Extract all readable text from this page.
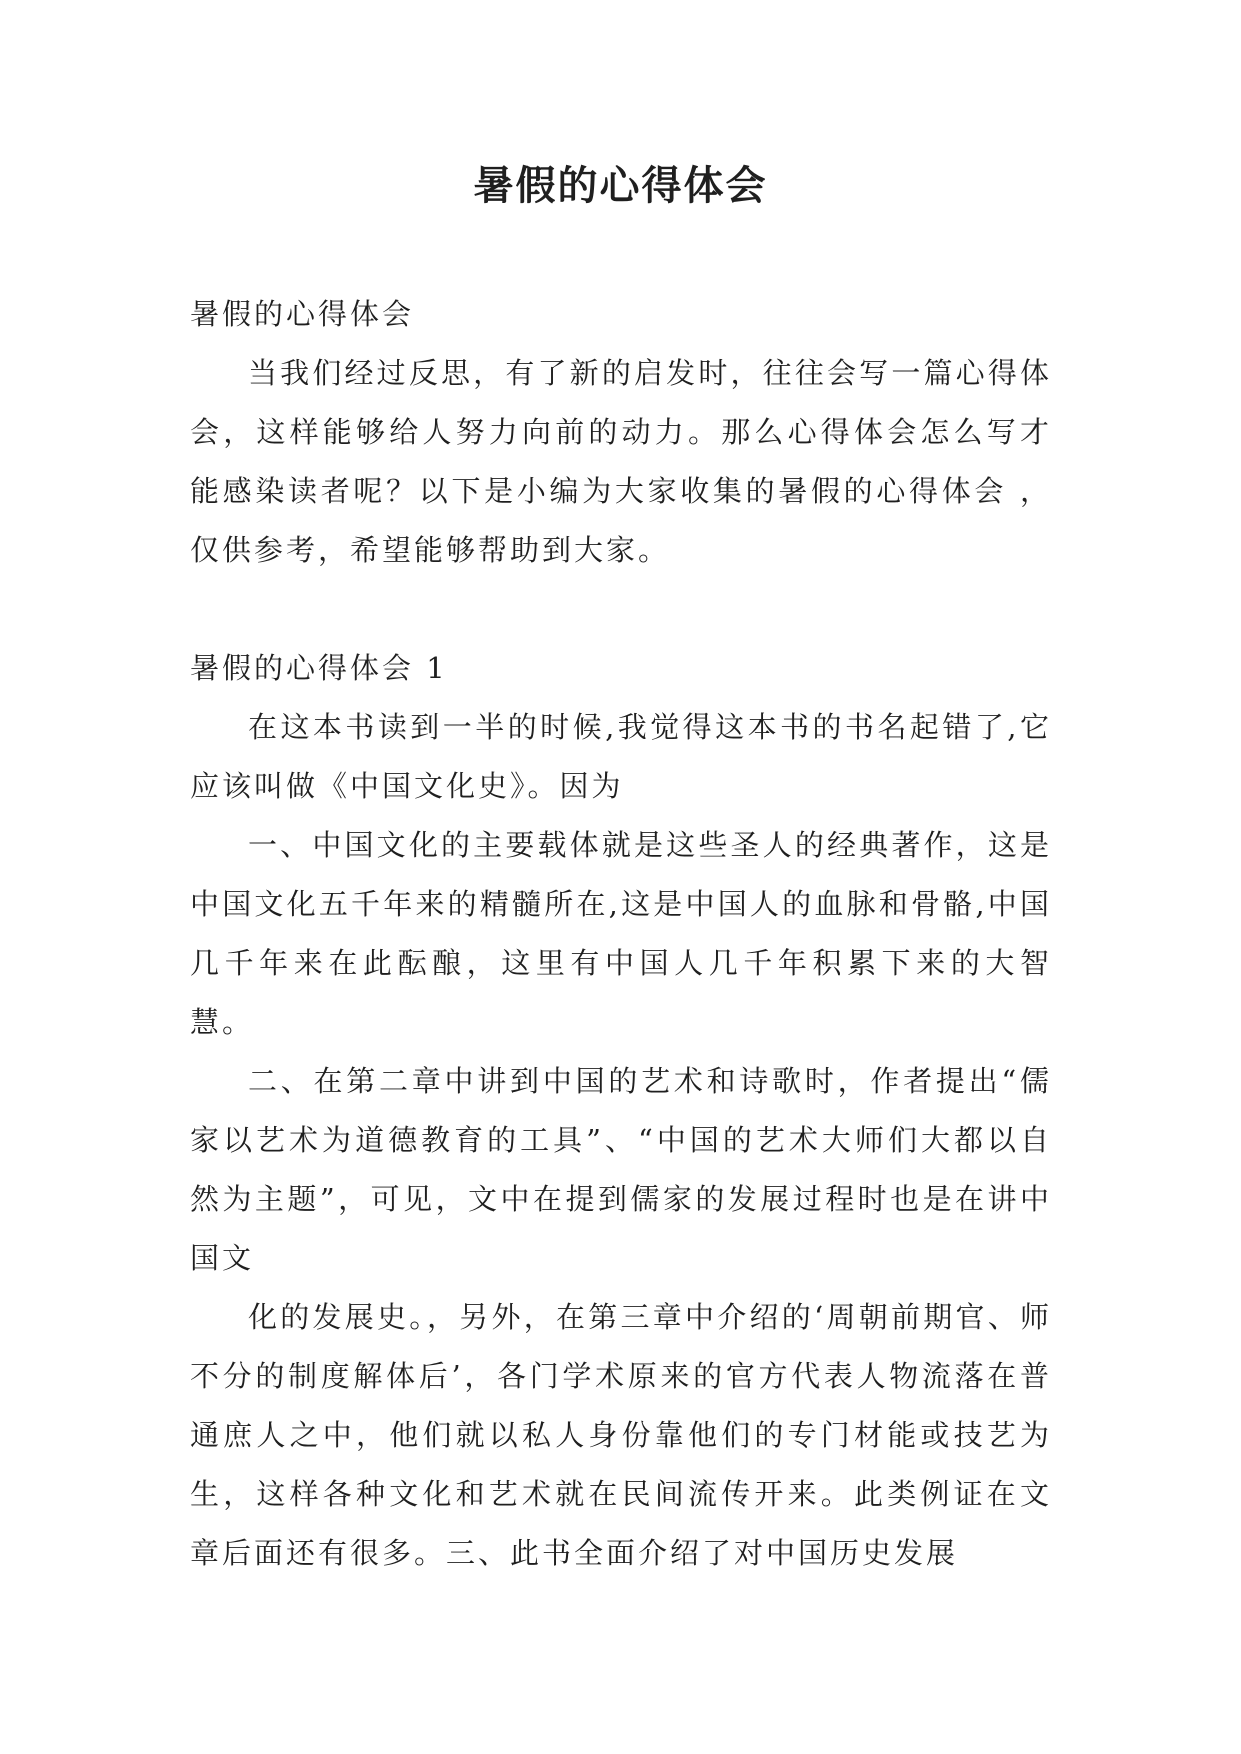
暑假的心得体会

暑假的心得体会

当我们经过反思，有了新的启发时，往往会写一篇心得体会，这样能够给人努力向前的动力。那么心得体会怎么写才能感染读者呢？以下是小编为大家收集的暑假的心得体会 ，仅供参考，希望能够帮助到大家。

暑假的心得体会 1

在这本书读到一半的时候,我觉得这本书的书名起错了,它应该叫做《中国文化史》。因为

一、中国文化的主要载体就是这些圣人的经典著作，这是中国文化五千年来的精髓所在,这是中国人的血脉和骨骼,中国几千年来在此酝酿，这里有中国人几千年积累下来的大智慧。

二、在第二章中讲到中国的艺术和诗歌时，作者提出“儒家以艺术为道德教育的工具”、“中国的艺术大师们大都以自然为主题”，可见，文中在提到儒家的发展过程时也是在讲中国文

化的发展史。，另外，在第三章中介绍的‘周朝前期官、师不分的制度解体后’，各门学术原来的官方代表人物流落在普通庶人之中，他们就以私人身份靠他们的专门材能或技艺为生，这样各种文化和艺术就在民间流传开来。此类例证在文章后面还有很多。三、此书全面介绍了对中国历史发展
